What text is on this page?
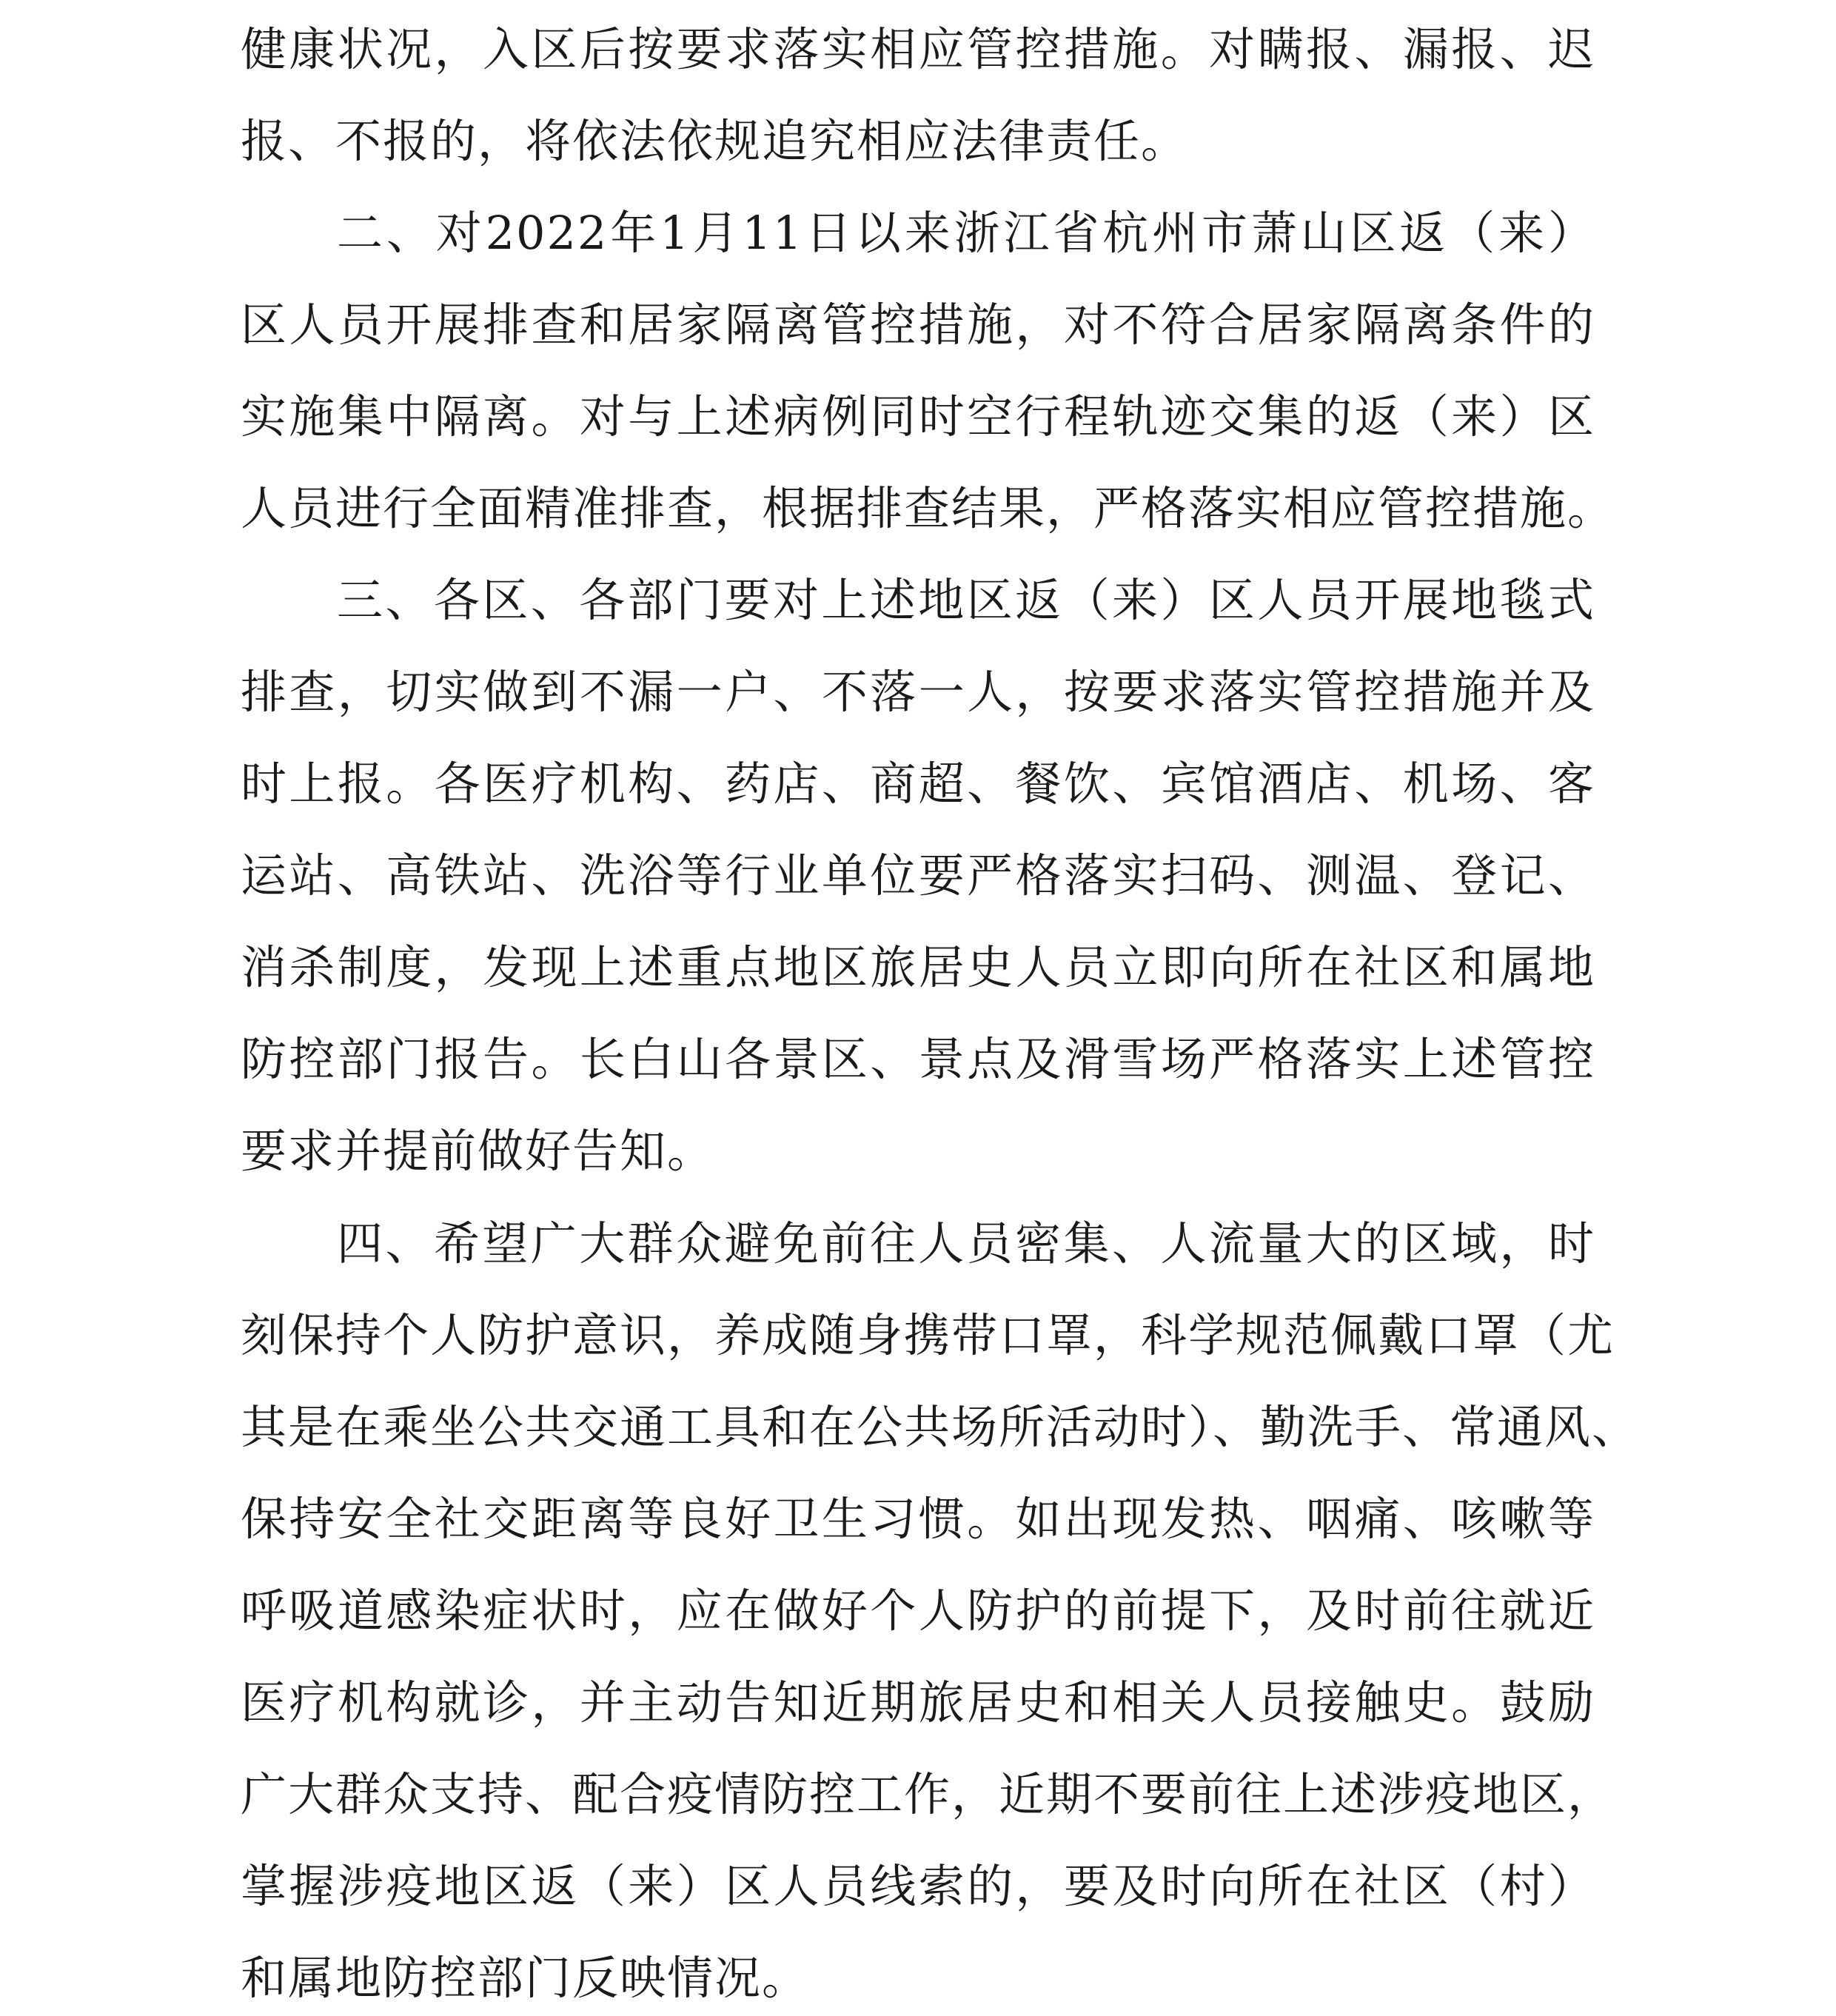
健康状况，入区后按要求落实相应管控措施。对瞒报、漏报、迟
报、不报的，将依法依规追究相应法律责任。
二、对2022年1月11日以来浙江省杭州市萧山区返（来）
区人员开展排查和居家隔离管控措施，对不符合居家隔离条件的
实施集中隔离。对与上述病例同时空行程轨迹交集的返（来）区
人员进行全面精准排查，根据排查结果，严格落实相应管控措施。
三、各区、各部门要对上述地区返（来）区人员开展地毯式
排查，切实做到不漏一户、不落一人，按要求落实管控措施并及
时上报。各医疗机构、药店、商超、餐饮、宾馆酒店、机场、客
运站、高铁站、洗浴等行业单位要严格落实扫码、测温、登记、
消杀制度，发现上述重点地区旅居史人员立即向所在社区和属地
防控部门报告。长白山各景区、景点及滑雪场严格落实上述管控
要求并提前做好告知。
四、希望广大群众避免前往人员密集、人流量大的区域，时
刻保持个人防护意识，养成随身携带口罩，科学规范佩戴口罩（尤
其是在乘坐公共交通工具和在公共场所活动时）、勤洗手、常通风、
保持安全社交距离等良好卫生习惯。如出现发热、咽痛、咳嗽等
呼吸道感染症状时，应在做好个人防护的前提下，及时前往就近
医疗机构就诊，并主动告知近期旅居史和相关人员接触史。鼓励
广大群众支持、配合疫情防控工作，近期不要前往上述涉疫地区，
掌握涉疫地区返（来）区人员线索的，要及时向所在社区（村）
和属地防控部门反映情况。
